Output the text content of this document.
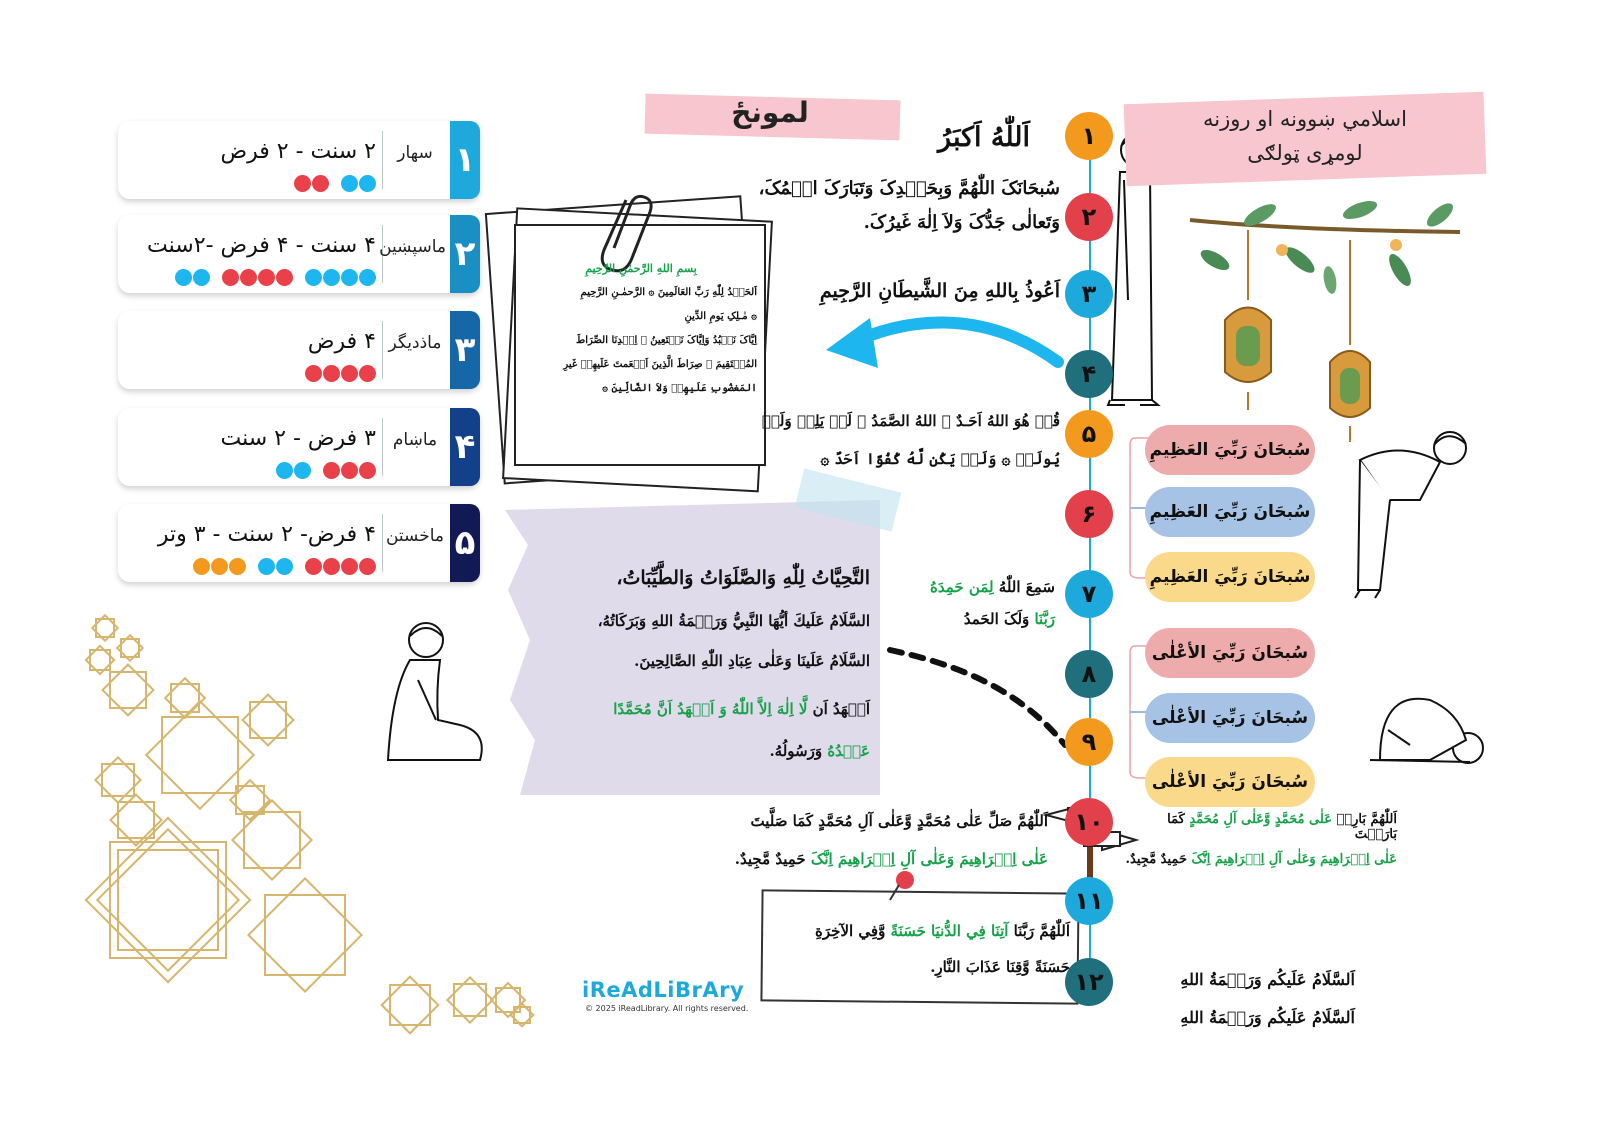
اسلامي ښوونه او روزنه
لومړی ټولګی
لمونځ
۱
سهار
۲ سنت - ۲ فرض
۲
ماسپښین
۴ سنت - ۴ فرض -۲سنت
۳
ماذدیگر
۴ فرض
۴
ماښام
۳ فرض - ۲ سنت
۵
ماخستن
۴ فرض- ۲ سنت - ۳ وتر
۱
۲
۳
۴
۵
۶
۷
۸
۹
۱۰
۱۱
۱۲
سُبحَانَ رَبِّيَ العَظِيمِ
سُبحَانَ رَبِّيَ العَظِيمِ
سُبحَانَ رَبِّيَ العَظِيمِ
سُبحَانَ رَبِّيَ الأعْلٰى
سُبحَانَ رَبِّيَ الأعْلٰى
سُبحَانَ رَبِّيَ الأعْلٰى
اَللّٰهُ اَکبَرُ
سُبحَانَکَ اللّٰهُمَّ وَبِحَمۡدِکَ وَتَبَارَکَ اسۡمُکَ،
وَتَعالٰی جَدُّکَ وَلاَ اِلٰهَ غَیرُکَ.
اَعُوذُ بِاللهِ مِنَ الشَّیطَانِ الرَّجِیمِ
قُلۡ هُوَ اللهُ اَحَـدٌ ۞ اللهُ الصَّمَدُ ۞ لَمۡ یَلِدۡ وَلَمۡ
یُولَدۡ ۞ وَلَمۡ یَکُن لَّهُ کُفُوًا اَحَدٌ ۞
سَمِعَ اللّٰهُ لِمَن حَمِدَهُ
رَبَّنَا وَلَکَ الحَمدُ
اَللّٰهُمَّ صَلِّ عَلٰی مُحَمَّدٍ وَّعَلٰی آلِ مُحَمَّدٍ کَمَا صَلَّیتَ
عَلٰی اِبۡرَاهِیمَ وَعَلٰی آلِ اِبۡرَاهِیمَ اِنَّکَ حَمِیدٌ مَّجِیدٌ.
اَللّٰهُمَّ بَارِکۡ عَلٰی مُحَمَّدٍ وَّعَلٰی آلِ مُحَمَّدٍ کَمَا بَارَکۡتَ
عَلٰی اِبۡرَاهِیمَ وَعَلٰی آلِ اِبۡرَاهِیمَ اِنَّکَ حَمِیدٌ مَّجِیدٌ.
اَللّٰهُمَّ رَبَّنَا آتِنَا فِي الدُّنیَا حَسَنَةً وَّفِي الآخِرَةِ
حَسَنَةً وَّقِنَا عَذَابَ النَّارِ.
اَلسَّلَامُ عَلَیکُم وَرَحۡمَةُ اللهِ
اَلسَّلَامُ عَلَیکُم وَرَحۡمَةُ اللهِ
التَّحِيَّاتُ لِلّٰهِ وَالصَّلَوَاتُ وَالطَّيِّبَاتُ،
السَّلَامُ عَلَيكَ أيُّهَا النَّبِيُّ وَرَحۡمَةُ اللهِ وَبَرَکَاتُهُ،
السَّلَامُ عَلَينَا وَعَلٰى عِبَادِ اللّٰهِ الصَّالِحِينَ.
اَشۡهَدُ اَن لَّا اِلٰهَ اِلاَّ اللّٰهُ وَ اَشۡهَدُ اَنَّ مُحَمَّدًا
عَبۡدُهُ وَرَسُولُهُ.
بِسمِ اللهِ الرَّحمٰنِ الرَّحِیمِ
اَلحَمۡدُ لِلّٰهِ رَبِّ العَالَمِینَ ۞ الرَّحمٰـنِ الرَّحِیمِ
۞ مٰـلِکِ یَومِ الدِّینِ
اِیَّاکَ نَعۡبُدُ وَاِیَّاکَ نَسۡتَعِینُ ۞ اِهۡدِنَا الصِّرَاطَ
المُسۡتَقِیمَ ۞ صِرَاطَ الَّذِینَ اَنۡعَمتَ عَلَیهِمۡ غَیرِ
المَغضُوبِ عَلَیهِمۡ وَلاَ الضَّالِّینَ ۞
iReAdLiBrAry
© 2025 iReadLibrary. All rights reserved.
